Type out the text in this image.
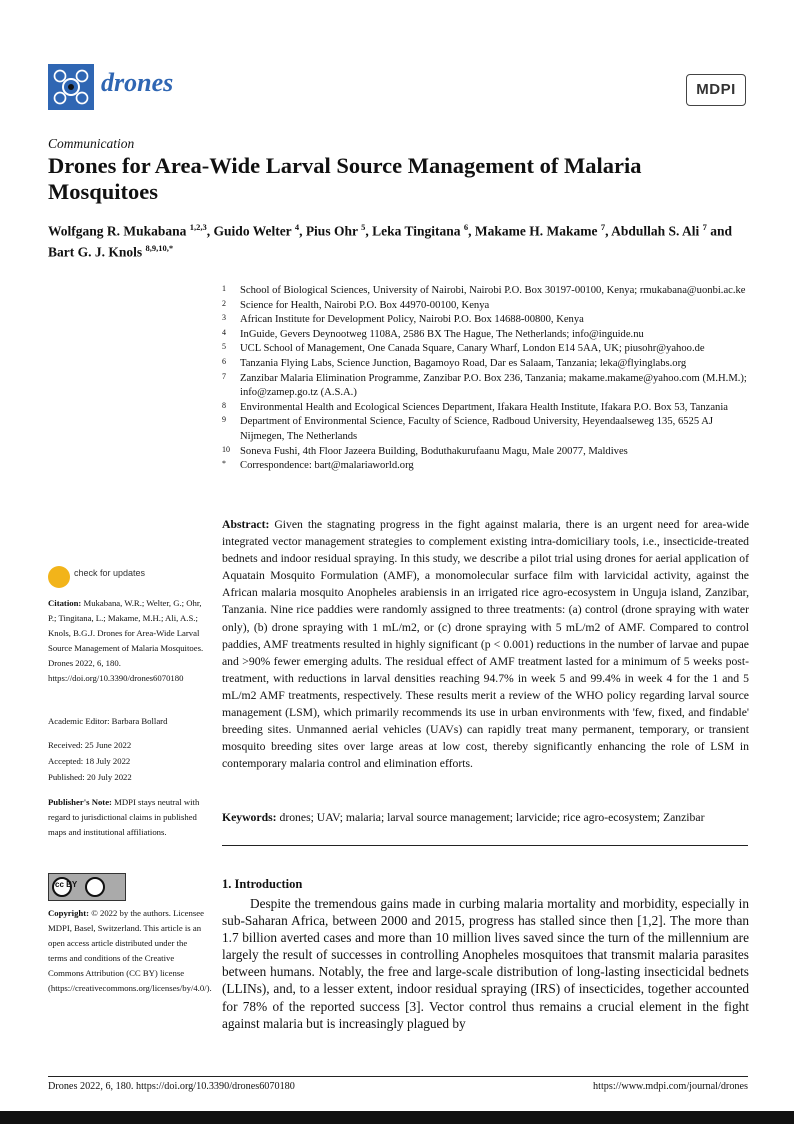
drones	MDPI
Communication
Drones for Area-Wide Larval Source Management of Malaria Mosquitoes
Wolfgang R. Mukabana $^{1,2,3}$, Guido Welter $^4$, Pius Ohr $^5$, Leka Tingitana $^6$, Makame H. Makame $^7$, Abdullah S. Ali $^7$ and Bart G. J. Knols $^{8,9,10,*}$
1	School of Biological Sciences, University of Nairobi, Nairobi P.O. Box 30197-00100, Kenya; rmukabana@uonbi.ac.ke
2	Science for Health, Nairobi P.O. Box 44970-00100, Kenya
3	African Institute for Development Policy, Nairobi P.O. Box 14688-00800, Kenya
4	InGuide, Gevers Deynootweg 1108A, 2586 BX The Hague, The Netherlands; info@inguide.nu
5	UCL School of Management, One Canada Square, Canary Wharf, London E14 5AA, UK; piusohr@yahoo.de
6	Tanzania Flying Labs, Science Junction, Bagamoyo Road, Dar es Salaam, Tanzania; leka@flyinglabs.org
7	Zanzibar Malaria Elimination Programme, Zanzibar P.O. Box 236, Tanzania; makame.makame@yahoo.com (M.H.M.); info@zamep.go.tz (A.S.A.)
8	Environmental Health and Ecological Sciences Department, Ifakara Health Institute, Ifakara P.O. Box 53, Tanzania
9	Department of Environmental Science, Faculty of Science, Radboud University, Heyendaalseweg 135, 6525 AJ Nijmegen, The Netherlands
10 Soneva Fushi, 4th Floor Jazeera Building, Boduthakurufaanu Magu, Male 20077, Maldives
*	Correspondence: bart@malariaworld.org
check for updates
Citation: Mukabana, W.R.; Welter, G.; Ohr, P.; Tingitana, L.; Makame, M.H.; Ali, A.S.; Knols, B.G.J. Drones for Area-Wide Larval Source Management of Malaria Mosquitoes. Drones 2022, 6, 180. https://doi.org/10.3390/drones6070180
Academic Editor: Barbara Bollard
Received: 25 June 2022
Accepted: 18 July 2022
Published: 20 July 2022
Publisher's Note: MDPI stays neutral with regard to jurisdictional claims in published maps and institutional affiliations.
cc BY
Copyright: © 2022 by the authors. Licensee MDPI, Basel, Switzerland. This article is an open access article distributed under the terms and conditions of the Creative Commons Attribution (CC BY) license (https://creativecommons.org/licenses/by/4.0/).
Abstract: Given the stagnating progress in the fight against malaria, there is an urgent need for area-wide integrated vector management strategies to complement existing intra-domiciliary tools, i.e., insecticide-treated bednets and indoor residual spraying. In this study, we describe a pilot trial using drones for aerial application of Aquatain Mosquito Formulation (AMF), a monomolecular surface film with larvicidal activity, against the African malaria mosquito Anopheles arabiensis in an irrigated rice agro-ecosystem in Unguja island, Zanzibar, Tanzania. Nine rice paddies were randomly assigned to three treatments: (a) control (drone spraying with water only), (b) drone spraying with 1 mL/m2, or (c) drone spraying with 5 mL/m2 of AMF. Compared to control paddies, AMF treatments resulted in highly significant (p < 0.001) reductions in the number of larvae and pupae and >90% fewer emerging adults. The residual effect of AMF treatment lasted for a minimum of 5 weeks post-treatment, with reductions in larval densities reaching 94.7% in week 5 and 99.4% in week 4 for the 1 and 5 mL/m2 AMF treatments, respectively. These results merit a review of the WHO policy regarding larval source management (LSM), which primarily recommends its use in urban environments with 'few, fixed, and findable' breeding sites. Unmanned aerial vehicles (UAVs) can rapidly treat many permanent, temporary, or transient mosquito breeding sites over large areas at low cost, thereby significantly enhancing the role of LSM in contemporary malaria control and elimination efforts.
Keywords: drones; UAV; malaria; larval source management; larvicide; rice agro-ecosystem; Zanzibar
1. Introduction
Despite the tremendous gains made in curbing malaria mortality and morbidity, especially in sub-Saharan Africa, between 2000 and 2015, progress has stalled since then [1,2]. The more than 1.7 billion averted cases and more than 10 million lives saved since the turn of the millennium are largely the result of successes in controlling Anopheles mosquitoes that transmit malaria parasites between humans. Notably, the free and large-scale distribution of long-lasting insecticidal bednets (LLINs), and, to a lesser extent, indoor residual spraying (IRS) of insecticides, together accounted for 78% of the reported success [3]. Vector control thus remains a crucial element in the fight against malaria but is increasingly plagued by
Drones 2022, 6, 180. https://doi.org/10.3390/drones6070180	https://www.mdpi.com/journal/drones
